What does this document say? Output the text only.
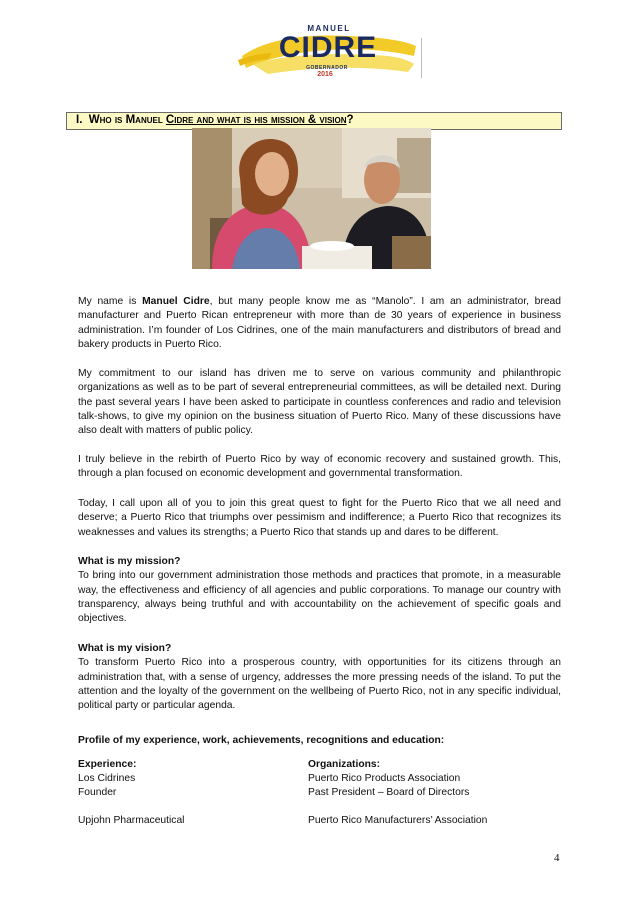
MANUEL
CIDRE
GOBERNADOR
2016
I. Who is Manuel Cidre and what is his mission & vision?

My name is Manuel Cidre, but many people know me as “Manolo”. I am an administrator, bread manufacturer and Puerto Rican entrepreneur with more than de 30 years of experience in business administration. I’m founder of Los Cidrines, one of the main manufacturers and distributors of bread and bakery products in Puerto Rico.

My commitment to our island has driven me to serve on various community and philanthropic organizations as well as to be part of several entrepreneurial committees, as will be detailed next. During the past several years I have been asked to participate in countless conferences and radio and television talk-shows, to give my opinion on the business situation of Puerto Rico. Many of these discussions have also dealt with matters of public policy.

I truly believe in the rebirth of Puerto Rico by way of economic recovery and sustained growth. This, through a plan focused on economic development and governmental transformation.

Today, I call upon all of you to join this great quest to fight for the Puerto Rico that we all need and deserve; a Puerto Rico that triumphs over pessimism and indifference; a Puerto Rico that recognizes its weaknesses and values its strengths; a Puerto Rico that stands up and dares to be different.

What is my mission?
To bring into our government administration those methods and practices that promote, in a measurable way, the effectiveness and efficiency of all agencies and public corporations. To manage our country with transparency, always being truthful and with accountability on the achievement of specific goals and objectives.

What is my vision?
To transform Puerto Rico into a prosperous country, with opportunities for its citizens through an administration that, with a sense of urgency, addresses the more pressing needs of the island. To put the attention and the loyalty of the government on the wellbeing of Puerto Rico, not in any specific individual, political party or particular agenda.

Profile of my experience, work, achievements, recognitions and education:
Experience:	Organizations:
Los Cidrines
Founder
Upjohn Pharmaceutical
Puerto Rico Products Association
Past President – Board of Directors
Puerto Rico Manufacturers’ Association
4
